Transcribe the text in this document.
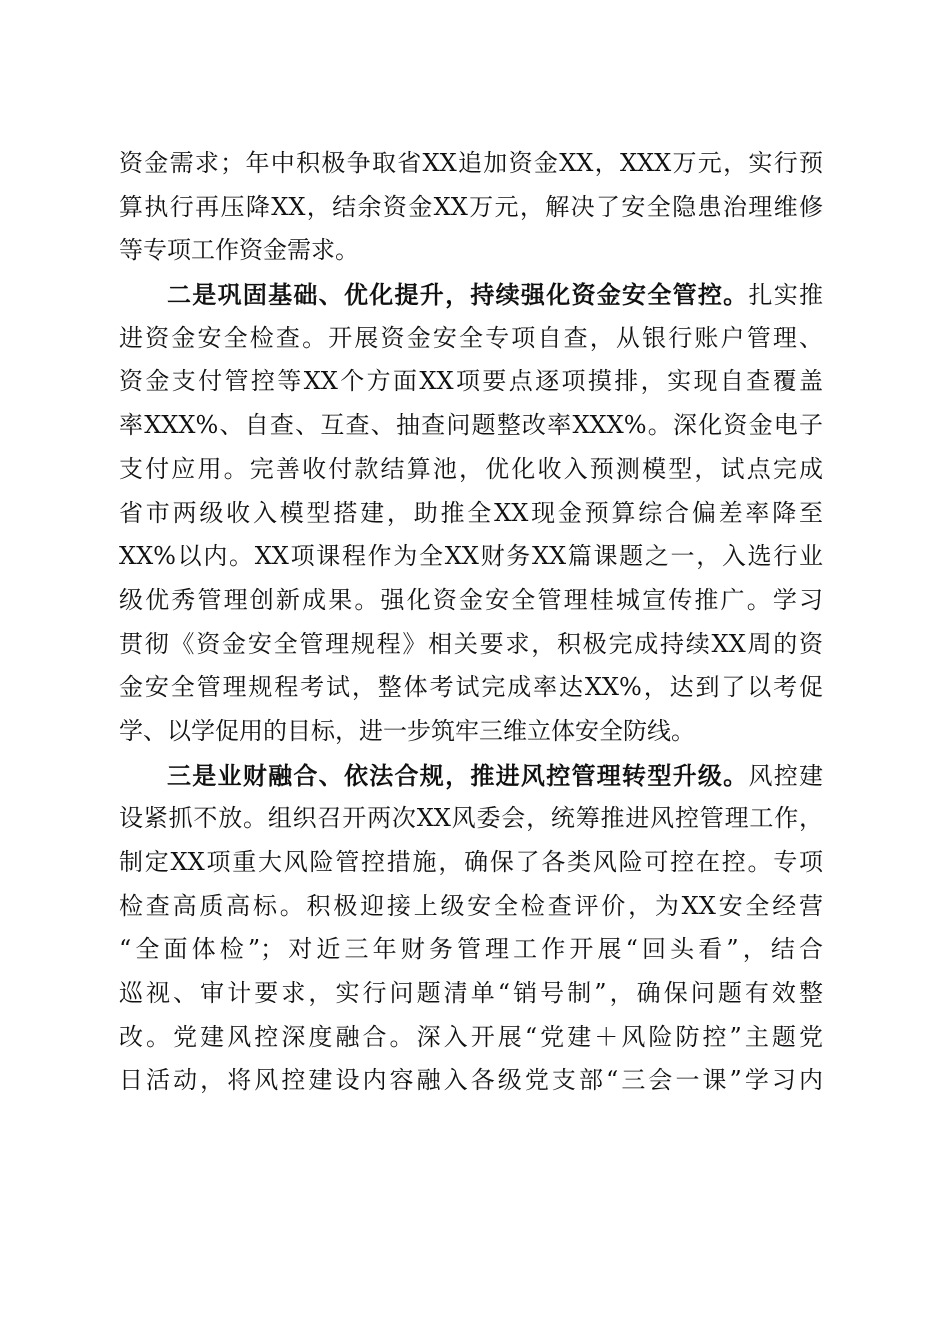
资金需求；年中积极争取省XX追加资金XX，XXX万元，实行预
算执行再压降XX，结余资金XX万元，解决了安全隐患治理维修
等专项工作资金需求。
二是巩固基础、优化提升，持续强化资金安全管控。扎实推
进资金安全检查。开展资金安全专项自查，从银行账户管理、
资金支付管控等XX个方面XX项要点逐项摸排，实现自查覆盖
率XXX%、自查、互查、抽查问题整改率XXX%。深化资金电子
支付应用。完善收付款结算池，优化收入预测模型，试点完成
省市两级收入模型搭建，助推全XX现金预算综合偏差率降至
XX%以内。XX项课程作为全XX财务XX篇课题之一，入选行业
级优秀管理创新成果。强化资金安全管理桂城宣传推广。学习
贯彻《资金安全管理规程》相关要求，积极完成持续XX周的资
金安全管理规程考试，整体考试完成率达XX%，达到了以考促
学、以学促用的目标，进一步筑牢三维立体安全防线。
三是业财融合、依法合规，推进风控管理转型升级。风控建
设紧抓不放。组织召开两次XX风委会，统筹推进风控管理工作，
制定XX项重大风险管控措施，确保了各类风险可控在控。专项
检查高质高标。积极迎接上级安全检查评价，为XX安全经营
“全面体检”；对近三年财务管理工作开展“回头看”，结合
巡视、审计要求，实行问题清单“销号制”，确保问题有效整
改。党建风控深度融合。深入开展“党建＋风险防控”主题党
日活动，将风控建设内容融入各级党支部“三会一课”学习内
